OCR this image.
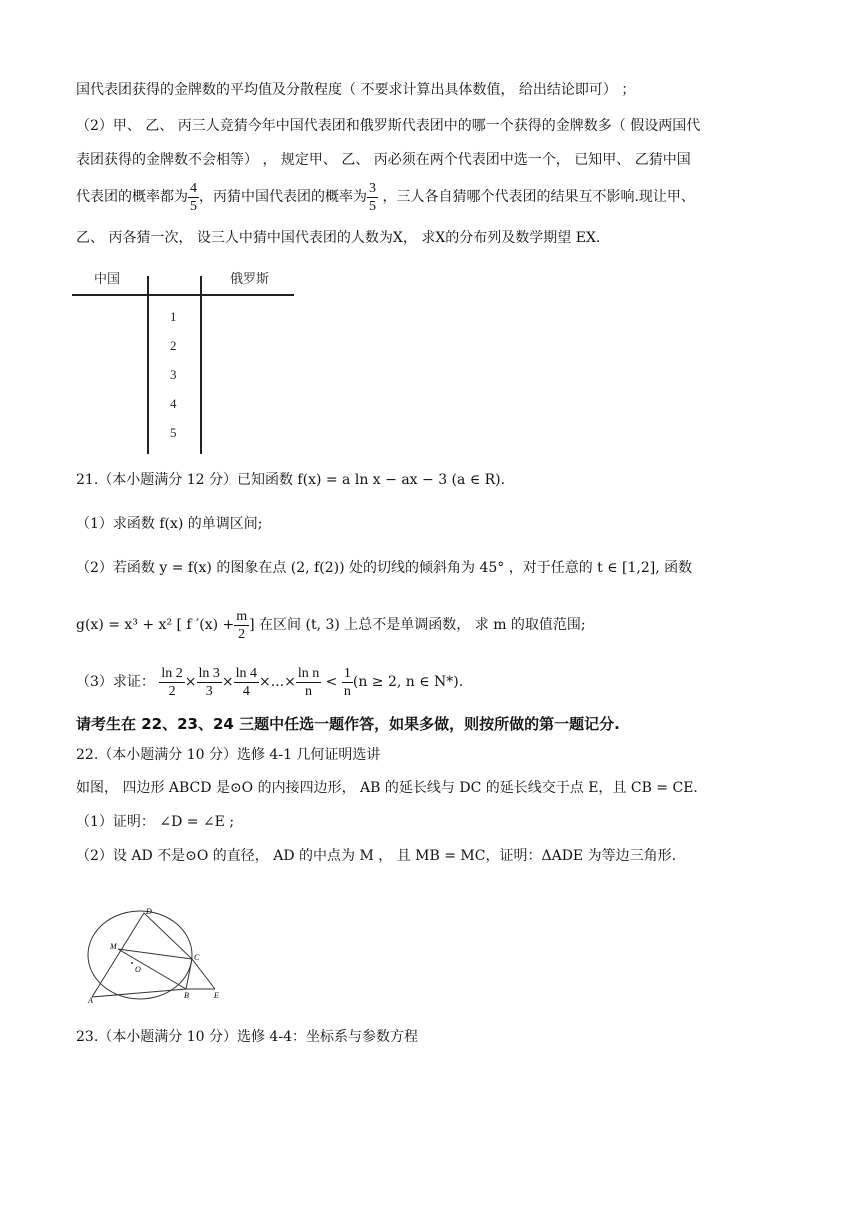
国代表团获得的金牌数的平均值及分散程度（ 不要求计算出具体数值， 给出结论即可） ；
（2）甲、 乙、 丙三人竞猜今年中国代表团和俄罗斯代表团中的哪一个获得的金牌数多（ 假设两国代
表团获得的金牌数不会相等） ， 规定甲、 乙、 丙必须在两个代表团中选一个， 已知甲、 乙猜中国
代表团的概率都为 $\frac{4}{5}$ ，丙猜中国代表团的概率为 $\frac{3}{5}$ ，三人各自猜哪个代表团的结果互不影响.现让甲、
乙、 丙各猜一次， 设三人中猜中国代表团的人数为X， 求X的分布列及数学期望 EX.
中国	俄罗斯
1
2
3
4
5
21.（本小题满分 12 分）已知函数 f(x) = a ln x − ax − 3 (a ∈ R).
（1）求函数 f(x) 的单调区间;
（2）若函数 y = f(x) 的图象在点 (2, f(2)) 处的切线的倾斜角为 45° ，对于任意的 t ∈ [1,2], 函数
g(x) = x³ + x² [ f $'(x) + \frac{m}{2}$ ] 在区间 (t, 3) 上总不是单调函数， 求 m 的取值范围;
（3）求证： $\frac{\ln 2}{2} \times \frac{\ln 3}{3} \times \frac{\ln 4}{4}$ ×...× $\frac{\text{ln n}}{n} < \frac{1}{n} (n \ge 2$, n ∈ N*).
请考生在 22、23、24 三题中任选一题作答，如果多做，则按所做的第一题记分.
22.（本小题满分 10 分）选修 4-1 几何证明选讲
如图， 四边形 ABCD 是⊙O 的内接四边形， AB 的延长线与 DC 的延长线交于点 E，且 CB = CE.
（1）证明： ∠D = ∠E ;
（2）设 AD 不是⊙O 的直径， AD 的中点为 M ， 且 MB = MC，证明：ΔADE 为等边三角形.
D
M
O
C
A
B	E
23.（本小题满分 10 分）选修 4-4：坐标系与参数方程
